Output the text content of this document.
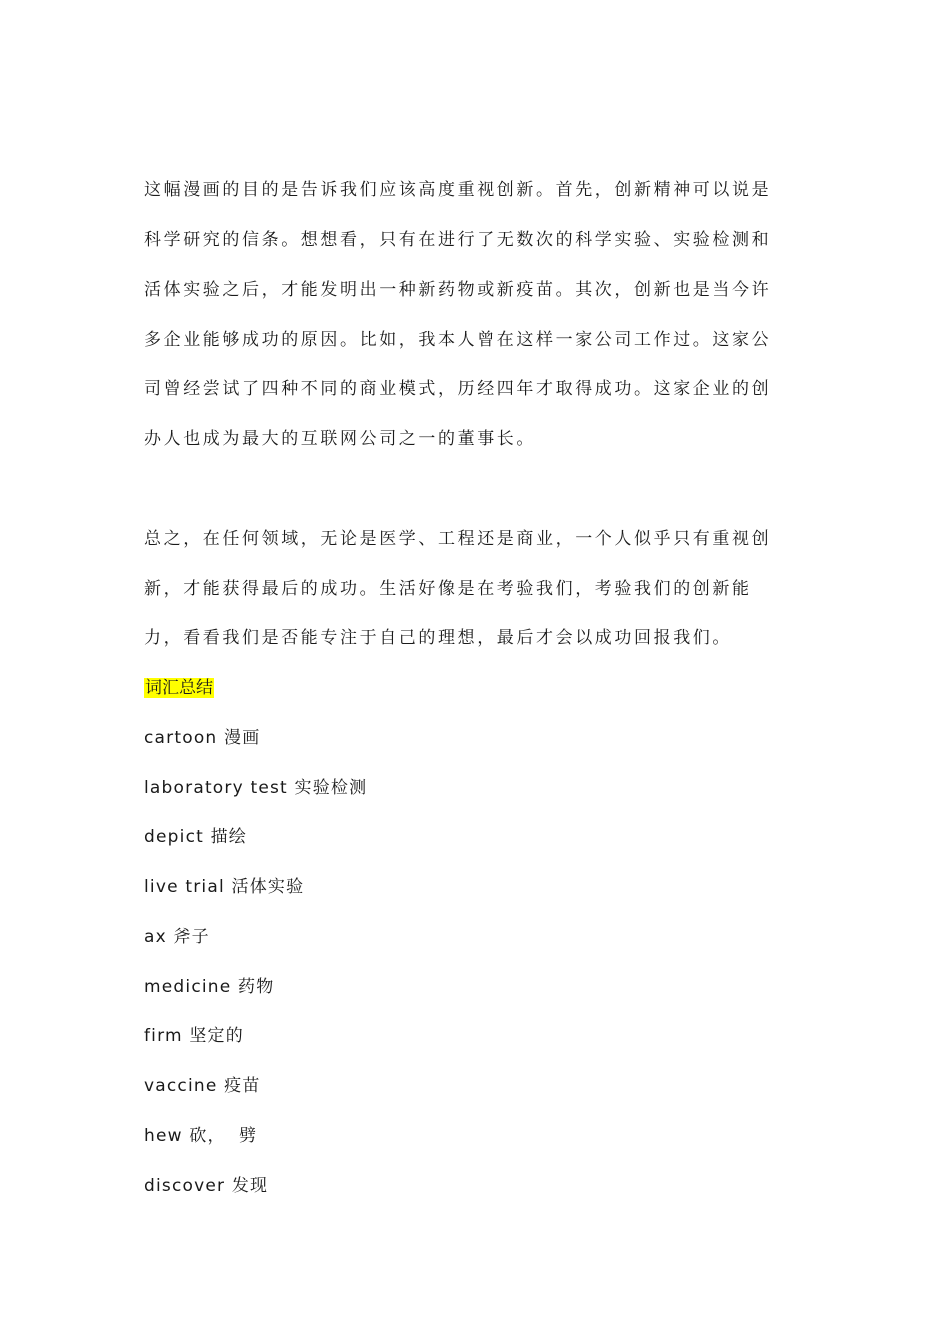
这幅漫画的目的是告诉我们应该高度重视创新。首先，创新精神可以说是
科学研究的信条。想想看，只有在进行了无数次的科学实验、实验检测和
活体实验之后，才能发明出一种新药物或新疫苗。其次，创新也是当今许
多企业能够成功的原因。比如，我本人曾在这样一家公司工作过。这家公
司曾经尝试了四种不同的商业模式，历经四年才取得成功。这家企业的创
办人也成为最大的互联网公司之一的董事长。
总之，在任何领域，无论是医学、工程还是商业，一个人似乎只有重视创
新，才能获得最后的成功。生活好像是在考验我们，考验我们的创新能
力，看看我们是否能专注于自己的理想，最后才会以成功回报我们。
词汇总结
cartoon 漫画
laboratory test 实验检测
depict 描绘
live trial 活体实验
ax 斧子
medicine 药物
firm 坚定的
vaccine 疫苗
hew 砍，  劈
discover 发现
